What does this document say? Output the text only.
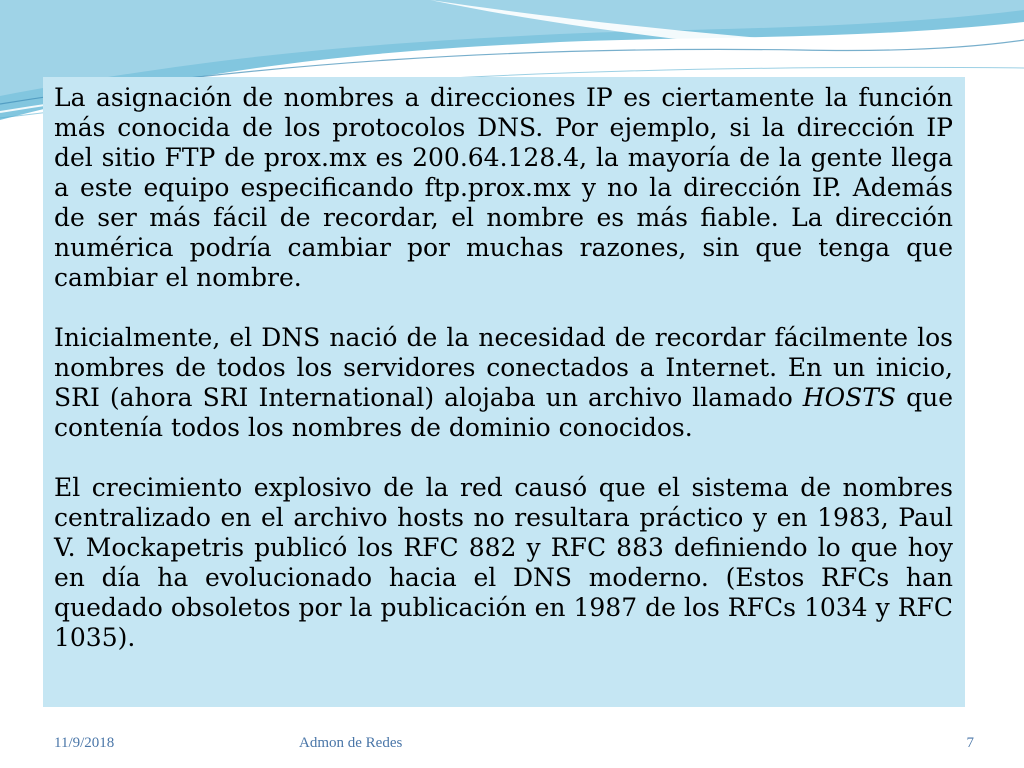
La asignación de nombres a direcciones IP es ciertamente la función más conocida de los protocolos DNS. Por ejemplo, si la dirección IP del sitio FTP de prox.mx es 200.64.128.4, la mayoría de la gente llega a este equipo especificando ftp.prox.mx y no la dirección IP. Además de ser más fácil de recordar, el nombre es más fiable. La dirección numérica podría cambiar por muchas razones, sin que tenga que cambiar el nombre.

Inicialmente, el DNS nació de la necesidad de recordar fácilmente los nombres de todos los servidores conectados a Internet. En un inicio, SRI (ahora SRI International) alojaba un archivo llamado HOSTS que contenía todos los nombres de dominio conocidos.

El crecimiento explosivo de la red causó que el sistema de nombres centralizado en el archivo hosts no resultara práctico y en 1983, Paul V. Mockapetris publicó los RFC 882 y RFC 883 definiendo lo que hoy en día ha evolucionado hacia el DNS moderno. (Estos RFCs han quedado obsoletos por la publicación en 1987 de los RFCs 1034 y RFC 1035).

11/9/2018	Admon de Redes	7
